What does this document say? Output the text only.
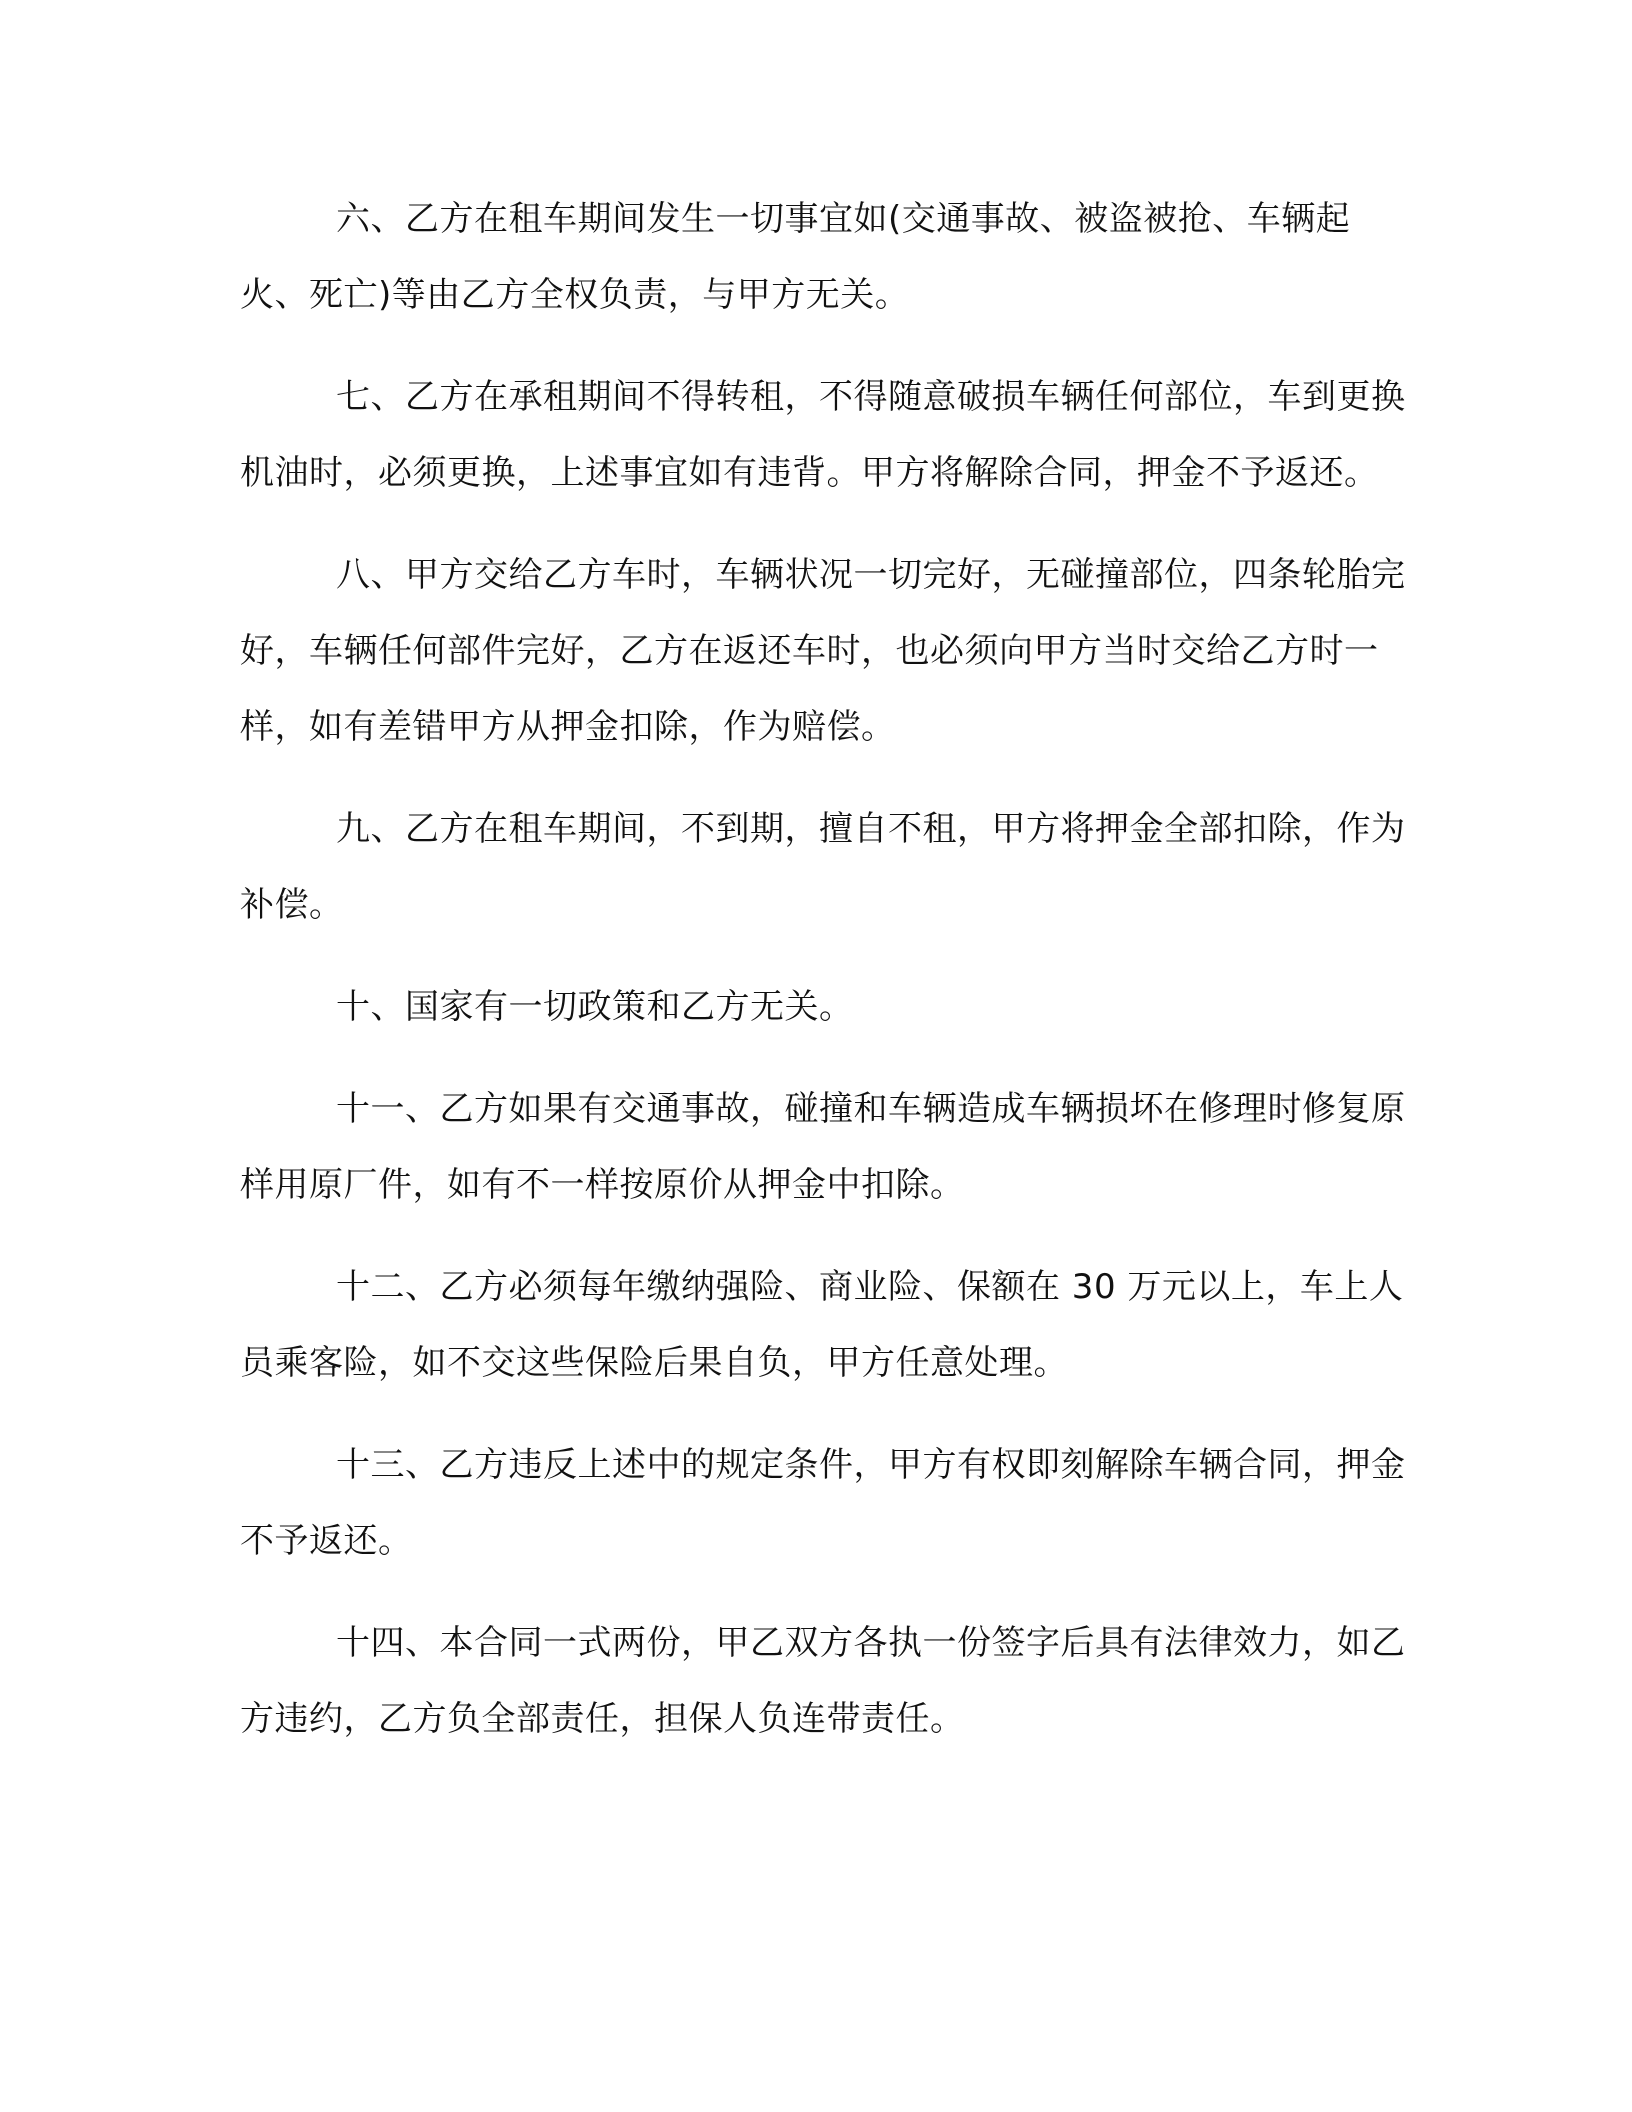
六、乙方在租车期间发生一切事宜如(交通事故、被盗被抢、车辆起火、死亡)等由乙方全权负责，与甲方无关。

七、乙方在承租期间不得转租，不得随意破损车辆任何部位，车到更换机油时，必须更换，上述事宜如有违背。甲方将解除合同，押金不予返还。

八、甲方交给乙方车时，车辆状况一切完好，无碰撞部位，四条轮胎完好，车辆任何部件完好，乙方在返还车时，也必须向甲方当时交给乙方时一样，如有差错甲方从押金扣除，作为赔偿。

九、乙方在租车期间，不到期，擅自不租，甲方将押金全部扣除，作为补偿。

十、国家有一切政策和乙方无关。

十一、乙方如果有交通事故，碰撞和车辆造成车辆损坏在修理时修复原样用原厂件，如有不一样按原价从押金中扣除。

十二、乙方必须每年缴纳强险、商业险、保额在 30 万元以上，车上人员乘客险，如不交这些保险后果自负，甲方任意处理。

十三、乙方违反上述中的规定条件，甲方有权即刻解除车辆合同，押金不予返还。

十四、本合同一式两份，甲乙双方各执一份签字后具有法律效力，如乙方违约，乙方负全部责任，担保人负连带责任。
